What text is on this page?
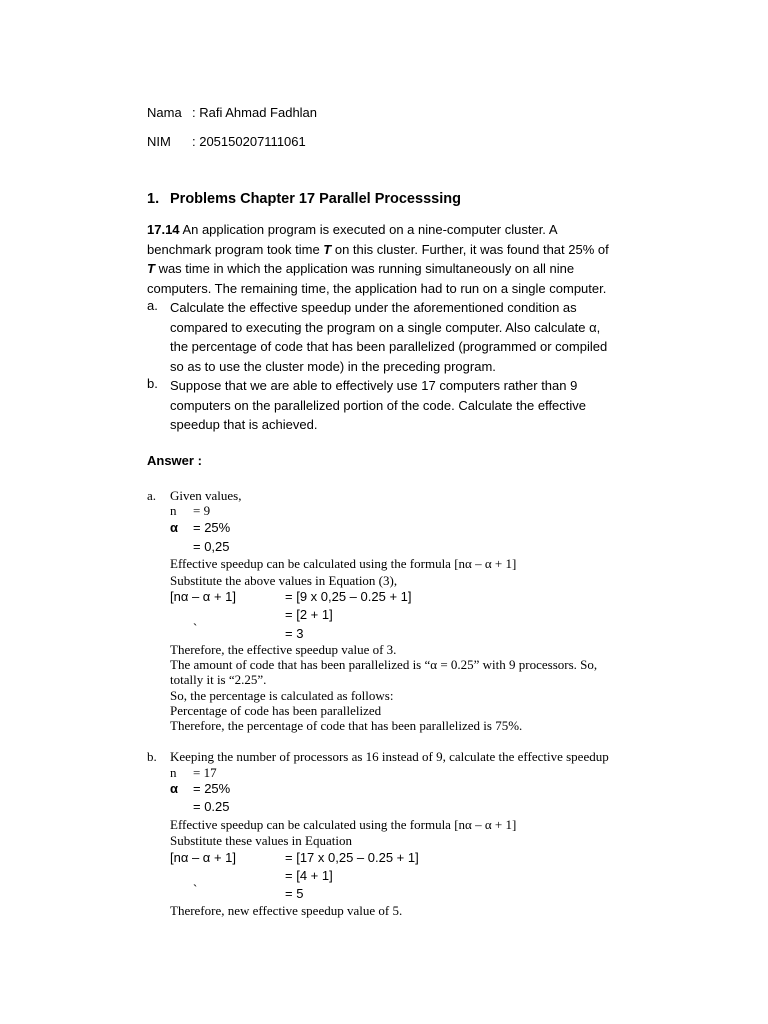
Nama : Rafi Ahmad Fadhlan
NIM : 205150207111061
1. Problems Chapter 17 Parallel Processsing
17.14 An application program is executed on a nine-computer cluster. A
benchmark program took time T on this cluster. Further, it was found that 25% of
T was time in which the application was running simultaneously on all nine
computers. The remaining time, the application had to run on a single computer.
a. Calculate the effective speedup under the aforementioned condition as
compared to executing the program on a single computer. Also calculate α,
the percentage of code that has been parallelized (programmed or compiled
so as to use the cluster mode) in the preceding program.
b. Suppose that we are able to effectively use 17 computers rather than 9
computers on the parallelized portion of the code. Calculate the effective
speedup that is achieved.
Answer :
a. Given values,
n = 9
α = 25%
= 0,25
Effective speedup can be calculated using the formula [nα – α + 1]
Substitute the above values in Equation (3),
[nα – α + 1]	= [9 x 0,25 – 0.25 + 1]
= [2 + 1]
`	= 3
Therefore, the effective speedup value of 3.
The amount of code that has been parallelized is “α = 0.25” with 9 processors. So,
totally it is “2.25”.
So, the percentage is calculated as follows:
Percentage of code has been parallelized
Therefore, the percentage of code that has been parallelized is 75%.
b. Keeping the number of processors as 16 instead of 9, calculate the effective speedup
n = 17
α = 25%
= 0.25
Effective speedup can be calculated using the formula [nα – α + 1]
Substitute these values in Equation
[nα – α + 1]	= [17 x 0,25 – 0.25 + 1]
= [4 + 1]
`	= 5
Therefore, new effective speedup value of 5.
